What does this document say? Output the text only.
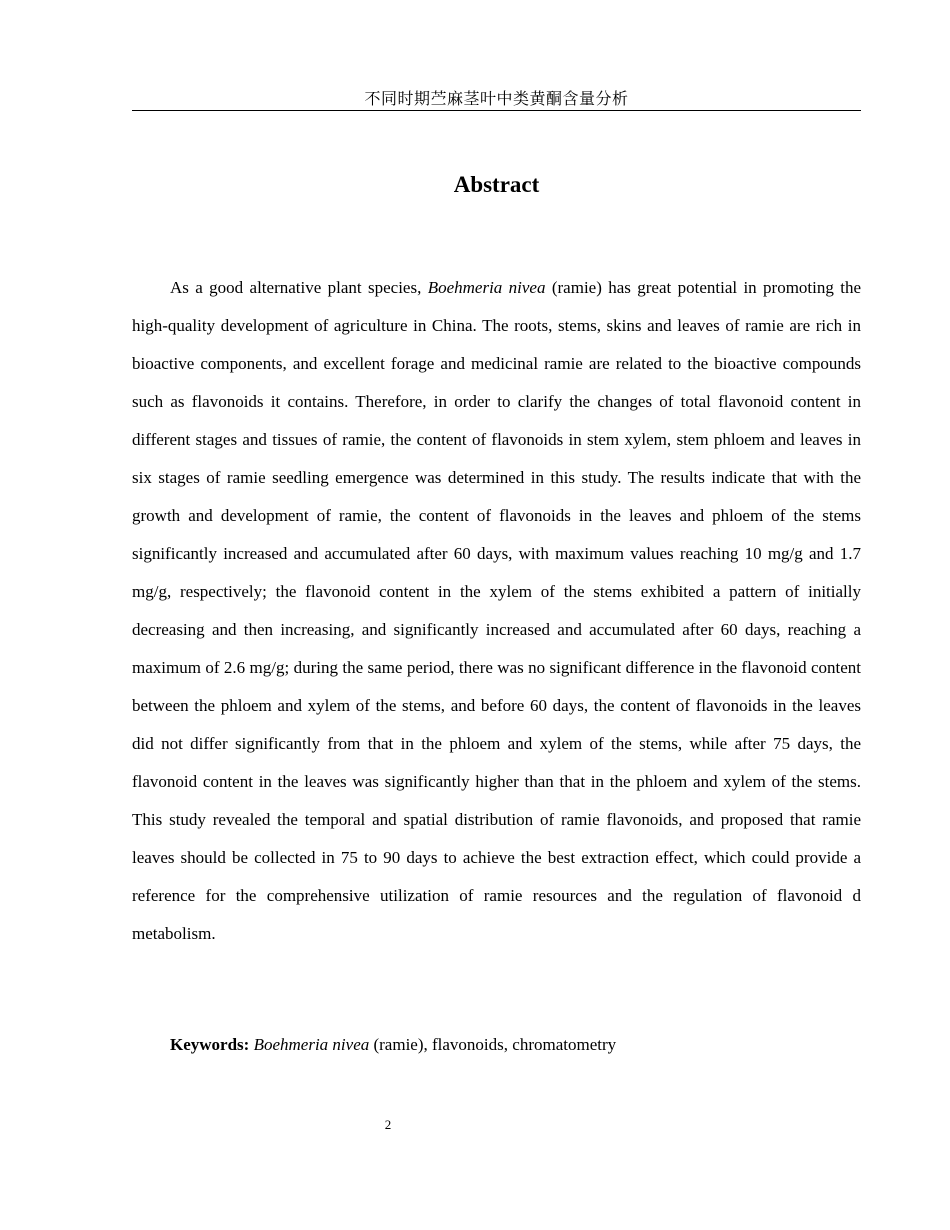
不同时期苎麻茎叶中类黄酮含量分析
Abstract

As a good alternative plant species, Boehmeria nivea (ramie) has great potential in promoting the high-quality development of agriculture in China. The roots, stems, skins and leaves of ramie are rich in bioactive components, and excellent forage and medicinal ramie are related to the bioactive compounds such as flavonoids it contains. Therefore, in order to clarify the changes of total flavonoid content in different stages and tissues of ramie, the content of flavonoids in stem xylem, stem phloem and leaves in six stages of ramie seedling emergence was determined in this study. The results indicate that with the growth and development of ramie, the content of flavonoids in the leaves and phloem of the stems significantly increased and accumulated after 60 days, with maximum values reaching 10 mg/g and 1.7 mg/g, respectively; the flavonoid content in the xylem of the stems exhibited a pattern of initially decreasing and then increasing, and significantly increased and accumulated after 60 days, reaching a maximum of 2.6 mg/g; during the same period, there was no significant difference in the flavonoid content between the phloem and xylem of the stems, and before 60 days, the content of flavonoids in the leaves did not differ significantly from that in the phloem and xylem of the stems, while after 75 days, the flavonoid content in the leaves was significantly higher than that in the phloem and xylem of the stems. This study revealed the temporal and spatial distribution of ramie flavonoids, and proposed that ramie leaves should be collected in 75 to 90 days to achieve the best extraction effect, which could provide a reference for the comprehensive utilization of ramie resources and the regulation of flavonoid d metabolism.

Keywords: Boehmeria nivea (ramie), flavonoids, chromatometry
2
